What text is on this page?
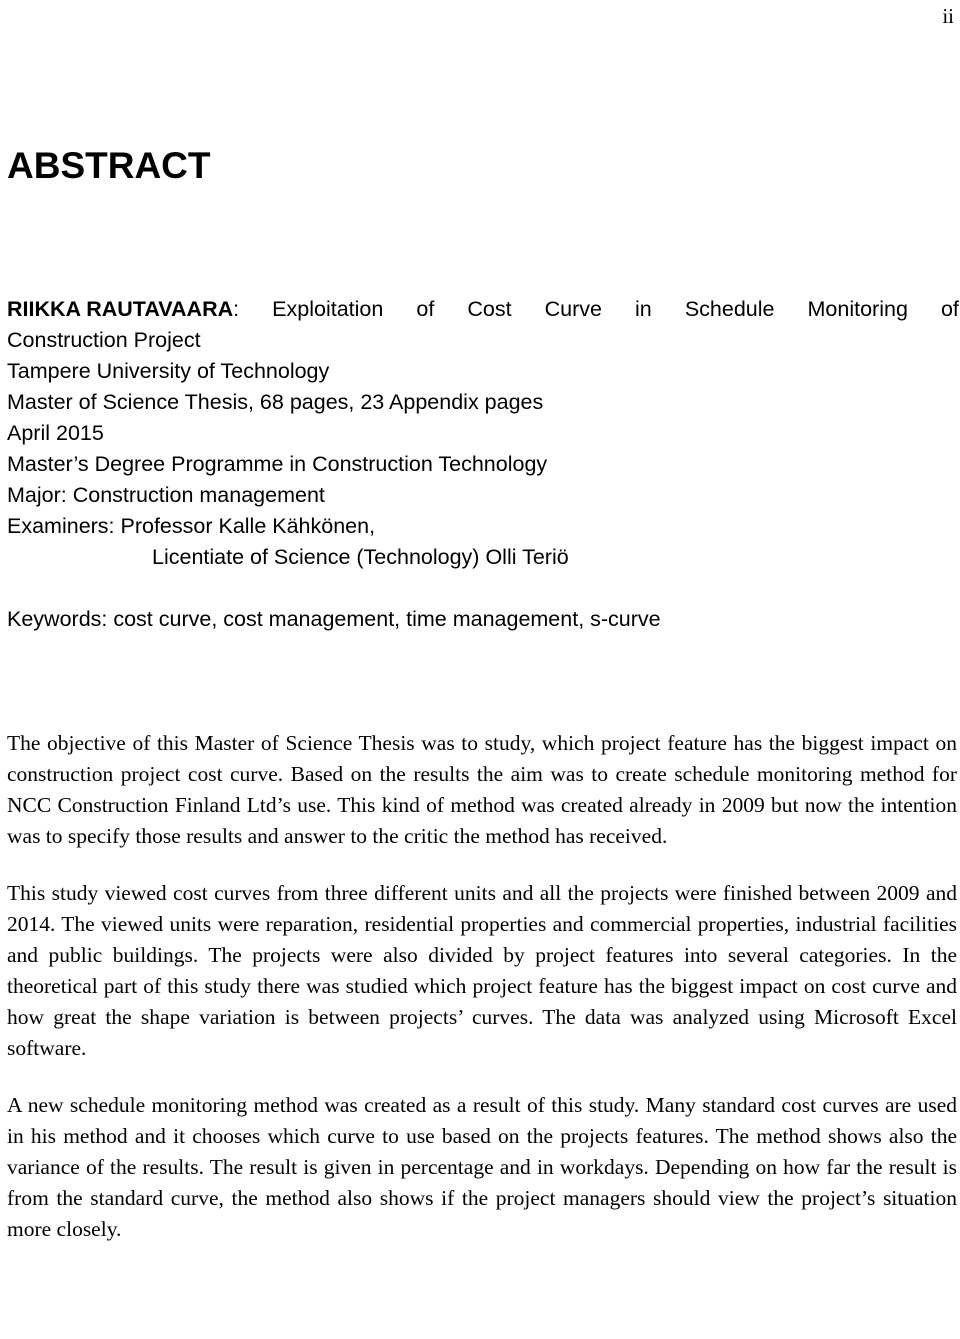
ii
ABSTRACT
RIIKKA RAUTAVAARA: Exploitation of Cost Curve in Schedule Monitoring of
Construction Project
Tampere University of Technology
Master of Science Thesis, 68 pages, 23 Appendix pages
April 2015
Master’s Degree Programme in Construction Technology
Major: Construction management
Examiners: Professor Kalle Kähkönen,
Licentiate of Science (Technology) Olli Teriö
Keywords: cost curve, cost management, time management, s-curve

The objective of this Master of Science Thesis was to study, which project feature has the biggest impact on construction project cost curve. Based on the results the aim was to create schedule monitoring method for NCC Construction Finland Ltd’s use. This kind of method was created already in 2009 but now the intention was to specify those results and answer to the critic the method has received.

This study viewed cost curves from three different units and all the projects were finished between 2009 and 2014. The viewed units were reparation, residential properties and commercial properties, industrial facilities and public buildings. The projects were also divided by project features into several categories. In the theoretical part of this study there was studied which project feature has the biggest impact on cost curve and how great the shape variation is between projects’ curves. The data was analyzed using Microsoft Excel software.

A new schedule monitoring method was created as a result of this study. Many standard cost curves are used in his method and it chooses which curve to use based on the projects features. The method shows also the variance of the results. The result is given in percentage and in workdays. Depending on how far the result is from the standard curve, the method also shows if the project managers should view the project’s situation more closely.
